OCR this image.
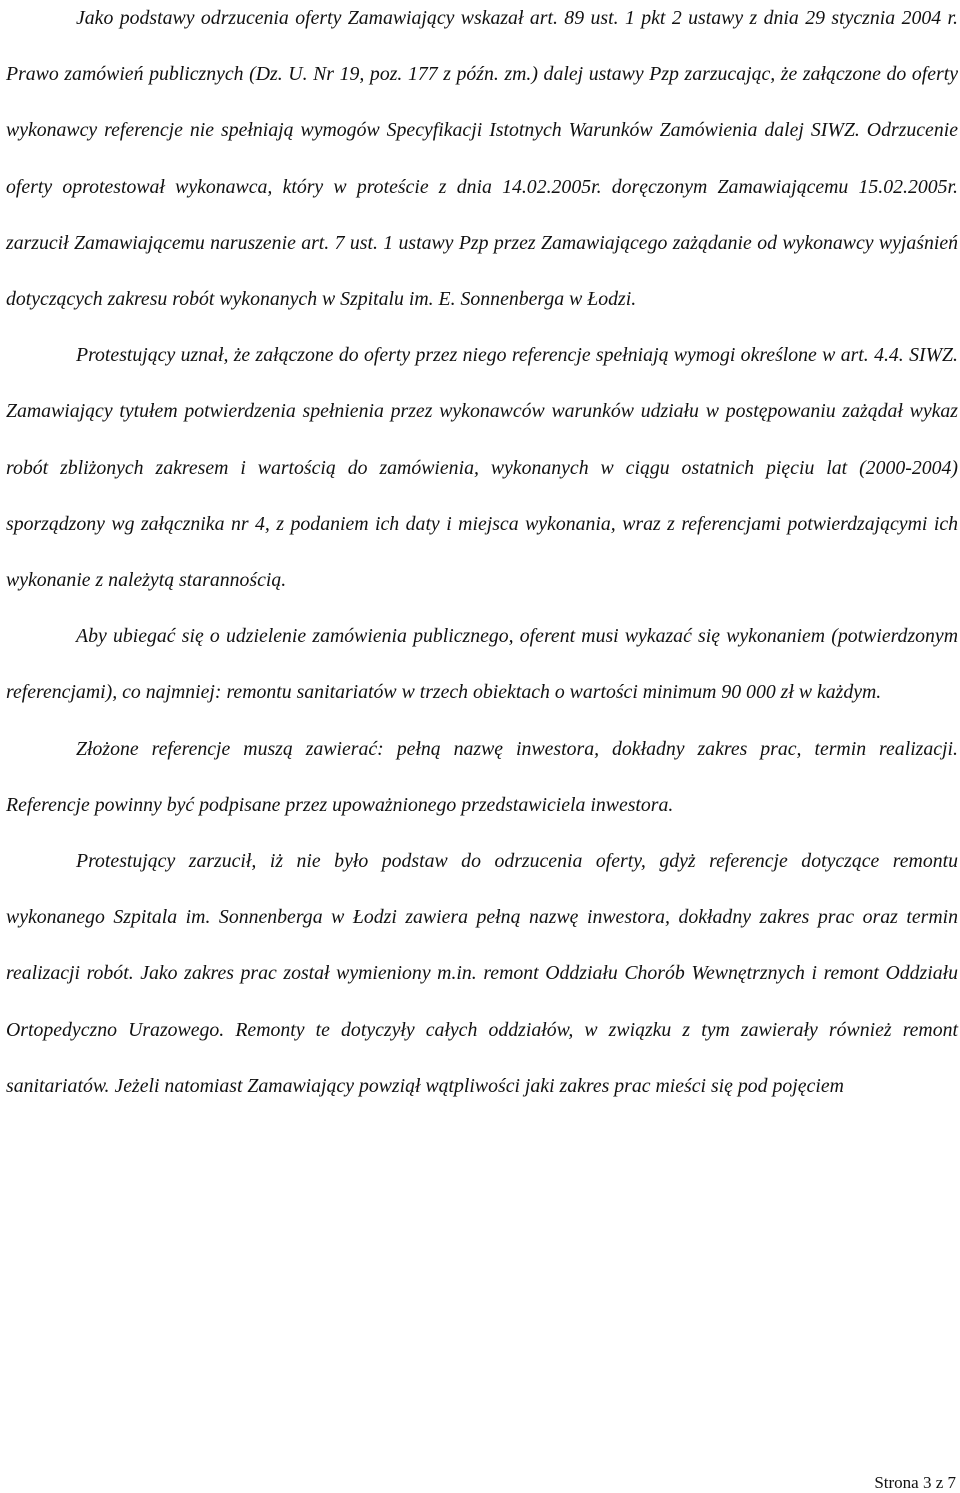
Jako podstawy odrzucenia oferty Zamawiający wskazał art. 89 ust. 1 pkt 2 ustawy z dnia 29 stycznia 2004 r. Prawo zamówień publicznych (Dz. U. Nr 19, poz. 177 z późn. zm.) dalej ustawy Pzp zarzucając, że załączone do oferty wykonawcy referencje nie spełniają wymogów Specyfikacji Istotnych Warunków Zamówienia dalej SIWZ. Odrzucenie oferty oprotestował wykonawca, który w proteście z dnia 14.02.2005r. doręczonym Zamawiającemu 15.02.2005r. zarzucił Zamawiającemu naruszenie art. 7 ust. 1 ustawy Pzp przez Zamawiającego zażądanie od wykonawcy wyjaśnień dotyczących zakresu robót wykonanych w Szpitalu im. E. Sonnenberga w Łodzi.

Protestujący uznał, że załączone do oferty przez niego referencje spełniają wymogi określone w art. 4.4. SIWZ. Zamawiający tytułem potwierdzenia spełnienia przez wykonawców warunków udziału w postępowaniu zażądał wykaz robót zbliżonych zakresem i wartością do zamówienia, wykonanych w ciągu ostatnich pięciu lat (2000-2004) sporządzony wg załącznika nr 4, z podaniem ich daty i miejsca wykonania, wraz z referencjami potwierdzającymi ich wykonanie z należytą starannością.

Aby ubiegać się o udzielenie zamówienia publicznego, oferent musi wykazać się wykonaniem (potwierdzonym referencjami), co najmniej: remontu sanitariatów w trzech obiektach o wartości minimum 90 000 zł w każdym.

Złożone referencje muszą zawierać: pełną nazwę inwestora, dokładny zakres prac, termin realizacji. Referencje powinny być podpisane przez upoważnionego przedstawiciela inwestora.

Protestujący zarzucił, iż nie było podstaw do odrzucenia oferty, gdyż referencje dotyczące remontu wykonanego Szpitala im. Sonnenberga w Łodzi zawiera pełną nazwę inwestora, dokładny zakres prac oraz termin realizacji robót. Jako zakres prac został wymieniony m.in. remont Oddziału Chorób Wewnętrznych i remont Oddziału Ortopedyczno Urazowego. Remonty te dotyczyły całych oddziałów, w związku z tym zawierały również remont sanitariatów. Jeżeli natomiast Zamawiający powziął wątpliwości jaki zakres prac mieści się pod pojęciem

Strona 3 z 7
